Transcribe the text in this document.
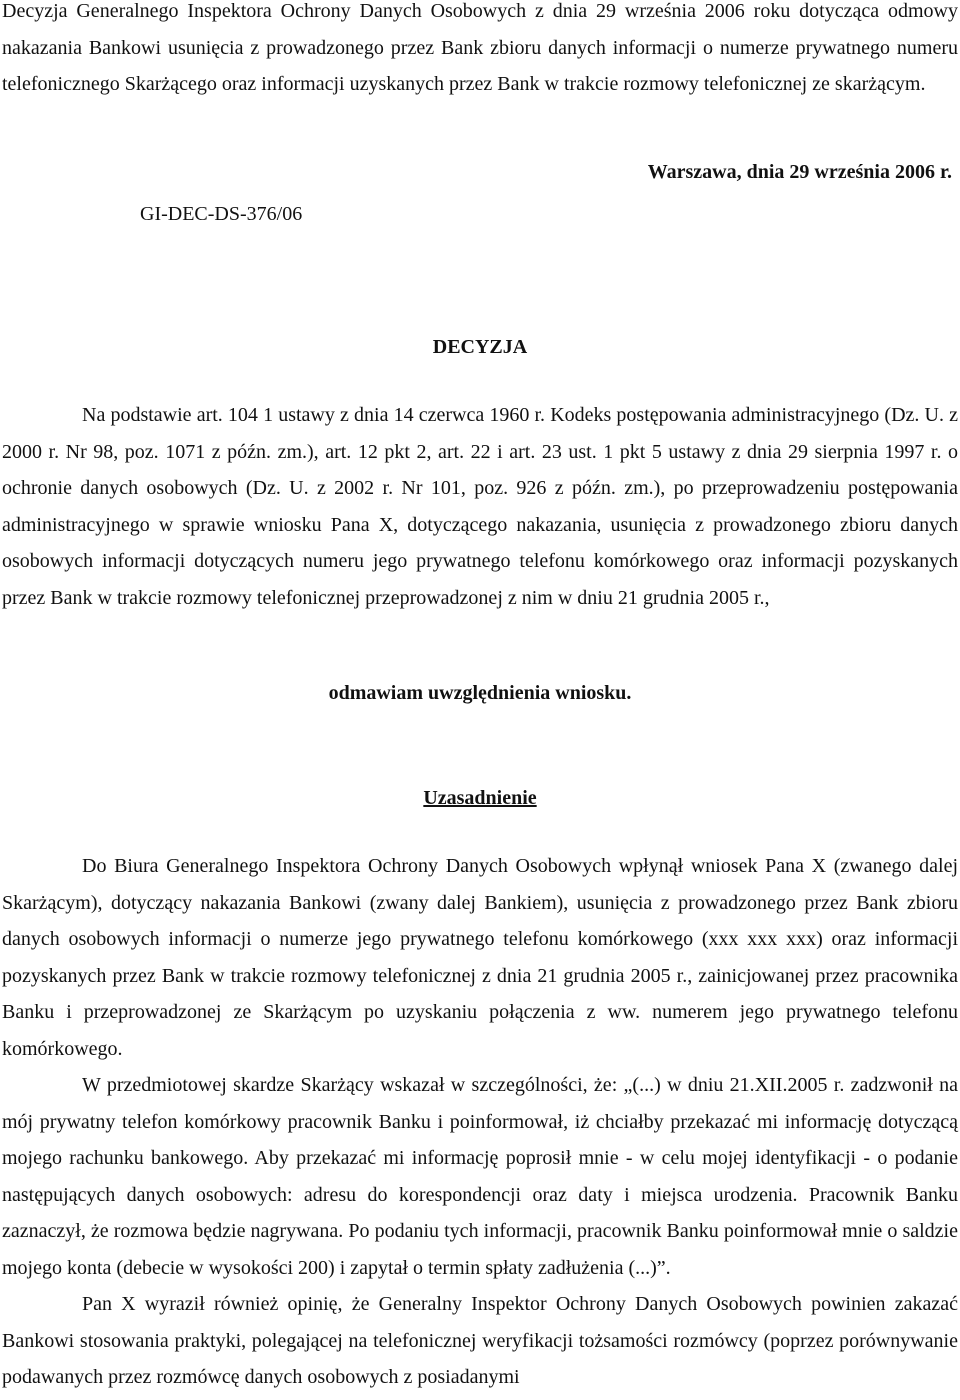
Decyzja Generalnego Inspektora Ochrony Danych Osobowych z dnia 29 września 2006 roku dotycząca odmowy nakazania Bankowi usunięcia z prowadzonego przez Bank zbioru danych informacji o numerze prywatnego numeru telefonicznego Skarżącego oraz informacji uzyskanych przez Bank w trakcie rozmowy telefonicznej ze skarżącym.

Warszawa, dnia 29 września 2006 r.
GI-DEC-DS-376/06
DECYZJA

Na podstawie art. 104 1 ustawy z dnia 14 czerwca 1960 r. Kodeks postępowania administracyjnego (Dz. U. z 2000 r. Nr 98, poz. 1071 z późn. zm.), art. 12 pkt 2, art. 22 i art. 23 ust. 1 pkt 5 ustawy z dnia 29 sierpnia 1997 r. o ochronie danych osobowych (Dz. U. z 2002 r. Nr 101, poz. 926 z późn. zm.), po przeprowadzeniu postępowania administracyjnego w sprawie wniosku Pana X, dotyczącego nakazania, usunięcia z prowadzonego zbioru danych osobowych informacji dotyczących numeru jego prywatnego telefonu komórkowego oraz informacji pozyskanych przez Bank w trakcie rozmowy telefonicznej przeprowadzonej z nim w dniu 21 grudnia 2005 r.,

odmawiam uwzględnienia wniosku.
Uzasadnienie

Do Biura Generalnego Inspektora Ochrony Danych Osobowych wpłynął wniosek Pana X (zwanego dalej Skarżącym), dotyczący nakazania Bankowi (zwany dalej Bankiem), usunięcia z prowadzonego przez Bank zbioru danych osobowych informacji o numerze jego prywatnego telefonu komórkowego (xxx xxx xxx) oraz informacji pozyskanych przez Bank w trakcie rozmowy telefonicznej z dnia 21 grudnia 2005 r., zainicjowanej przez pracownika Banku i przeprowadzonej ze Skarżącym po uzyskaniu połączenia z ww. numerem jego prywatnego telefonu komórkowego.

W przedmiotowej skardze Skarżący wskazał w szczególności, że: „(...) w dniu 21.XII.2005 r. zadzwonił na mój prywatny telefon komórkowy pracownik Banku i poinformował, iż chciałby przekazać mi informację dotyczącą mojego rachunku bankowego. Aby przekazać mi informację poprosił mnie - w celu mojej identyfikacji - o podanie następujących danych osobowych: adresu do korespondencji oraz daty i miejsca urodzenia. Pracownik Banku zaznaczył, że rozmowa będzie nagrywana. Po podaniu tych informacji, pracownik Banku poinformował mnie o saldzie mojego konta (debecie w wysokości 200) i zapytał o termin spłaty zadłużenia (...)”.

Pan X wyraził również opinię, że Generalny Inspektor Ochrony Danych Osobowych powinien zakazać Bankowi stosowania praktyki, polegającej na telefonicznej weryfikacji tożsamości rozmówcy (poprzez porównywanie podawanych przez rozmówcę danych osobowych z posiadanymi
